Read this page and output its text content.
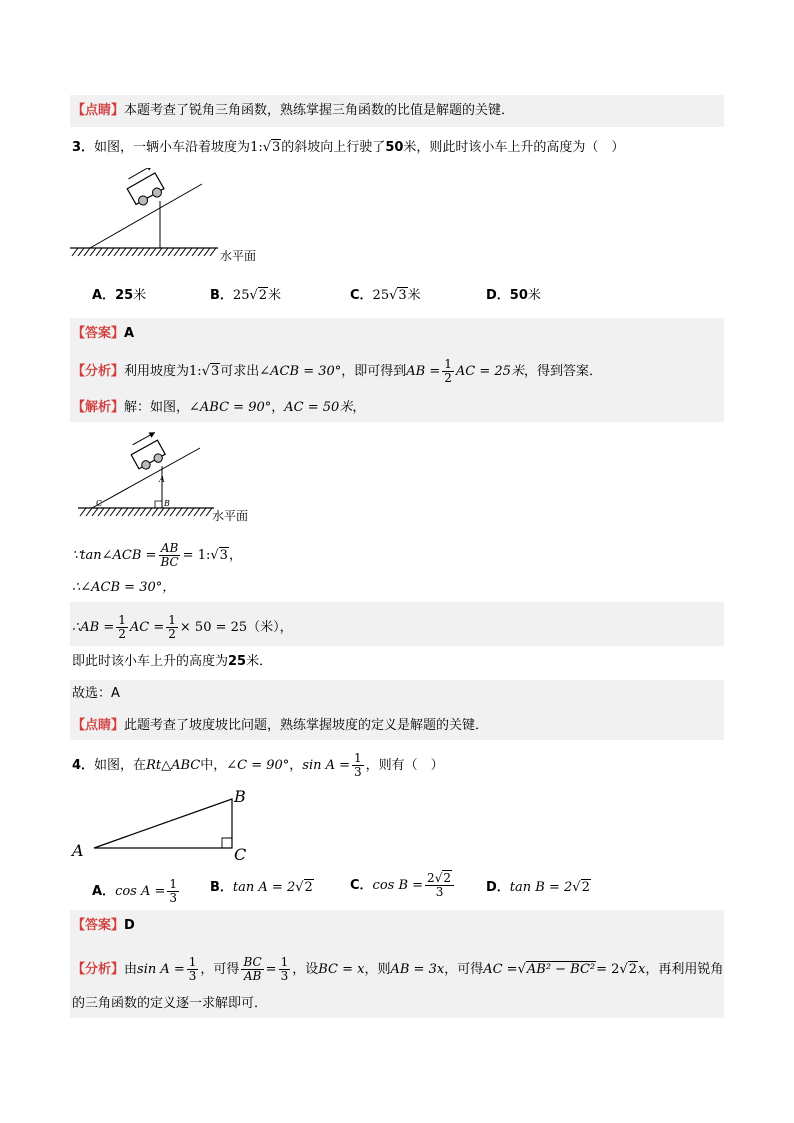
【点睛】本题考查了锐角三角函数，熟练掌握三角函数的比值是解题的关键．
3．如图，一辆小车沿着坡度为1:√3的斜坡向上行驶了50米，则此时该小车上升的高度为（　）
水平面
A．25米	B．25√2米	C．25√3米	D．50米
【答案】A
【分析】利用坡度为1:√3可求出∠ACB = 30°，即可得到AB = $\frac{1}{2}$ AC = 25米，得到答案．
【解析】解：如图，∠ABC = 90°，AC = 50米，
A
B
C
水平面
∵tan∠ACB = $\frac{AB}{BC}$ = 1:√3，
∴∠ACB = 30°，
∴AB = $\frac{1}{2}$ AC = $\frac{1}{2} \times 50 = 25$（米），
即此时该小车上升的高度为25米．
故选：A
【点睛】此题考查了坡度坡比问题，熟练掌握坡度的定义是解题的关键．
4．如图，在Rt△ABC中，∠C = 90°，$\sin A = \frac{1}{3}$ ，则有（　）
A
B
C
A．$\cos A = \frac{1}{3}$ B．tan A = 2√2	C．$\cos B = \frac{2√2}{3}$ D．tan B = 2√2
【答案】D
【分析】由$\sin A = \frac{1}{3}$ ，可得 $\frac{BC}{AB} = \frac{1}{3}$ ，设BC = x，则AB = 3x，可得AC =√AB² − BC²= 2√2x，再利用锐角
的三角函数的定义逐一求解即可．
